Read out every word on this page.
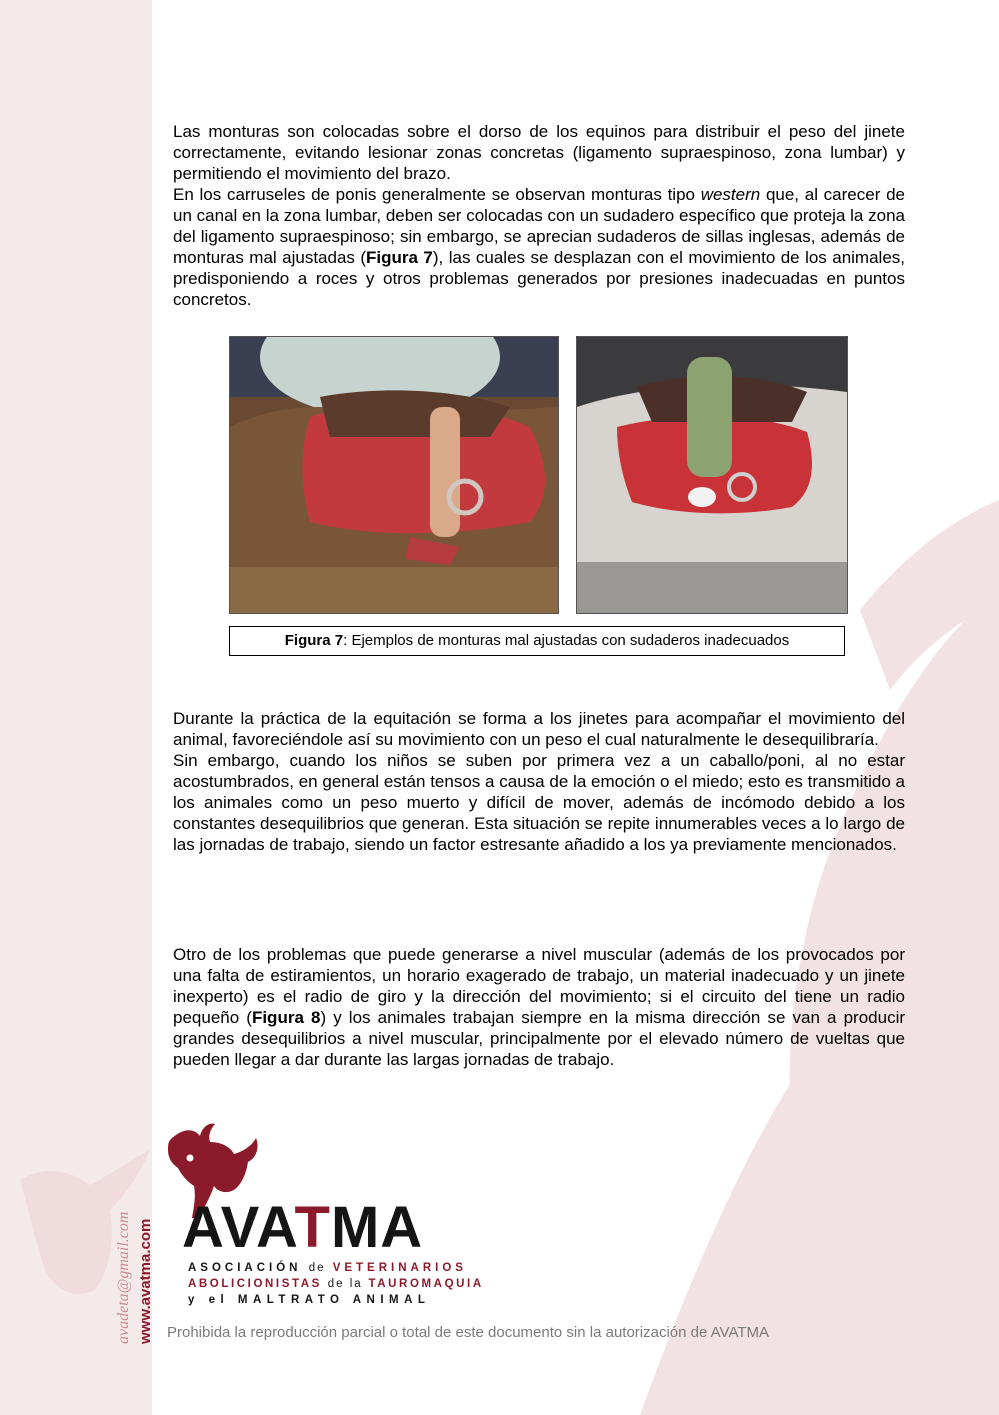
Las monturas son colocadas sobre el dorso de los equinos para distribuir el peso del jinete correctamente, evitando lesionar zonas concretas (ligamento supraespinoso, zona lumbar) y permitiendo el movimiento del brazo.
En los carruseles de ponis generalmente se observan monturas tipo western que, al carecer de un canal en la zona lumbar, deben ser colocadas con un sudadero específico que proteja la zona del ligamento supraespinoso; sin embargo, se aprecian sudaderos de sillas inglesas, además de monturas mal ajustadas (Figura 7), las cuales se desplazan con el movimiento de los animales, predisponiendo a roces y otros problemas generados por presiones inadecuadas en puntos concretos.

Figura 7: Ejemplos de monturas mal ajustadas con sudaderos inadecuados

Durante la práctica de la equitación se forma a los jinetes para acompañar el movimiento del animal, favoreciéndole así su movimiento con un peso el cual naturalmente le desequilibraría.
Sin embargo, cuando los niños se suben por primera vez a un caballo/poni, al no estar acostumbrados, en general están tensos a causa de la emoción o el miedo; esto es transmitido a los animales como un peso muerto y difícil de mover, además de incómodo debido a los constantes desequilibrios que generan. Esta situación se repite innumerables veces a lo largo de las jornadas de trabajo, siendo un factor estresante añadido a los ya previamente mencionados.

Otro de los problemas que puede generarse a nivel muscular (además de los provocados por una falta de estiramientos, un horario exagerado de trabajo, un material inadecuado y un jinete inexperto) es el radio de giro y la dirección del movimiento; si el circuito del tiene un radio pequeño (Figura 8) y los animales trabajan siempre en la misma dirección se van a producir grandes desequilibrios a nivel muscular, principalmente por el elevado número de vueltas que pueden llegar a dar durante las largas jornadas de trabajo.

avadeta@gmail.com www.avatma.com AVATMA
ASOCIACIÓN de VETERINARIOS
ABOLICIONISTAS de la TAUROMAQUIA
y el MALTRATO ANIMAL
Prohibida la reproducción parcial o total de este documento sin la autorización de AVATMA
